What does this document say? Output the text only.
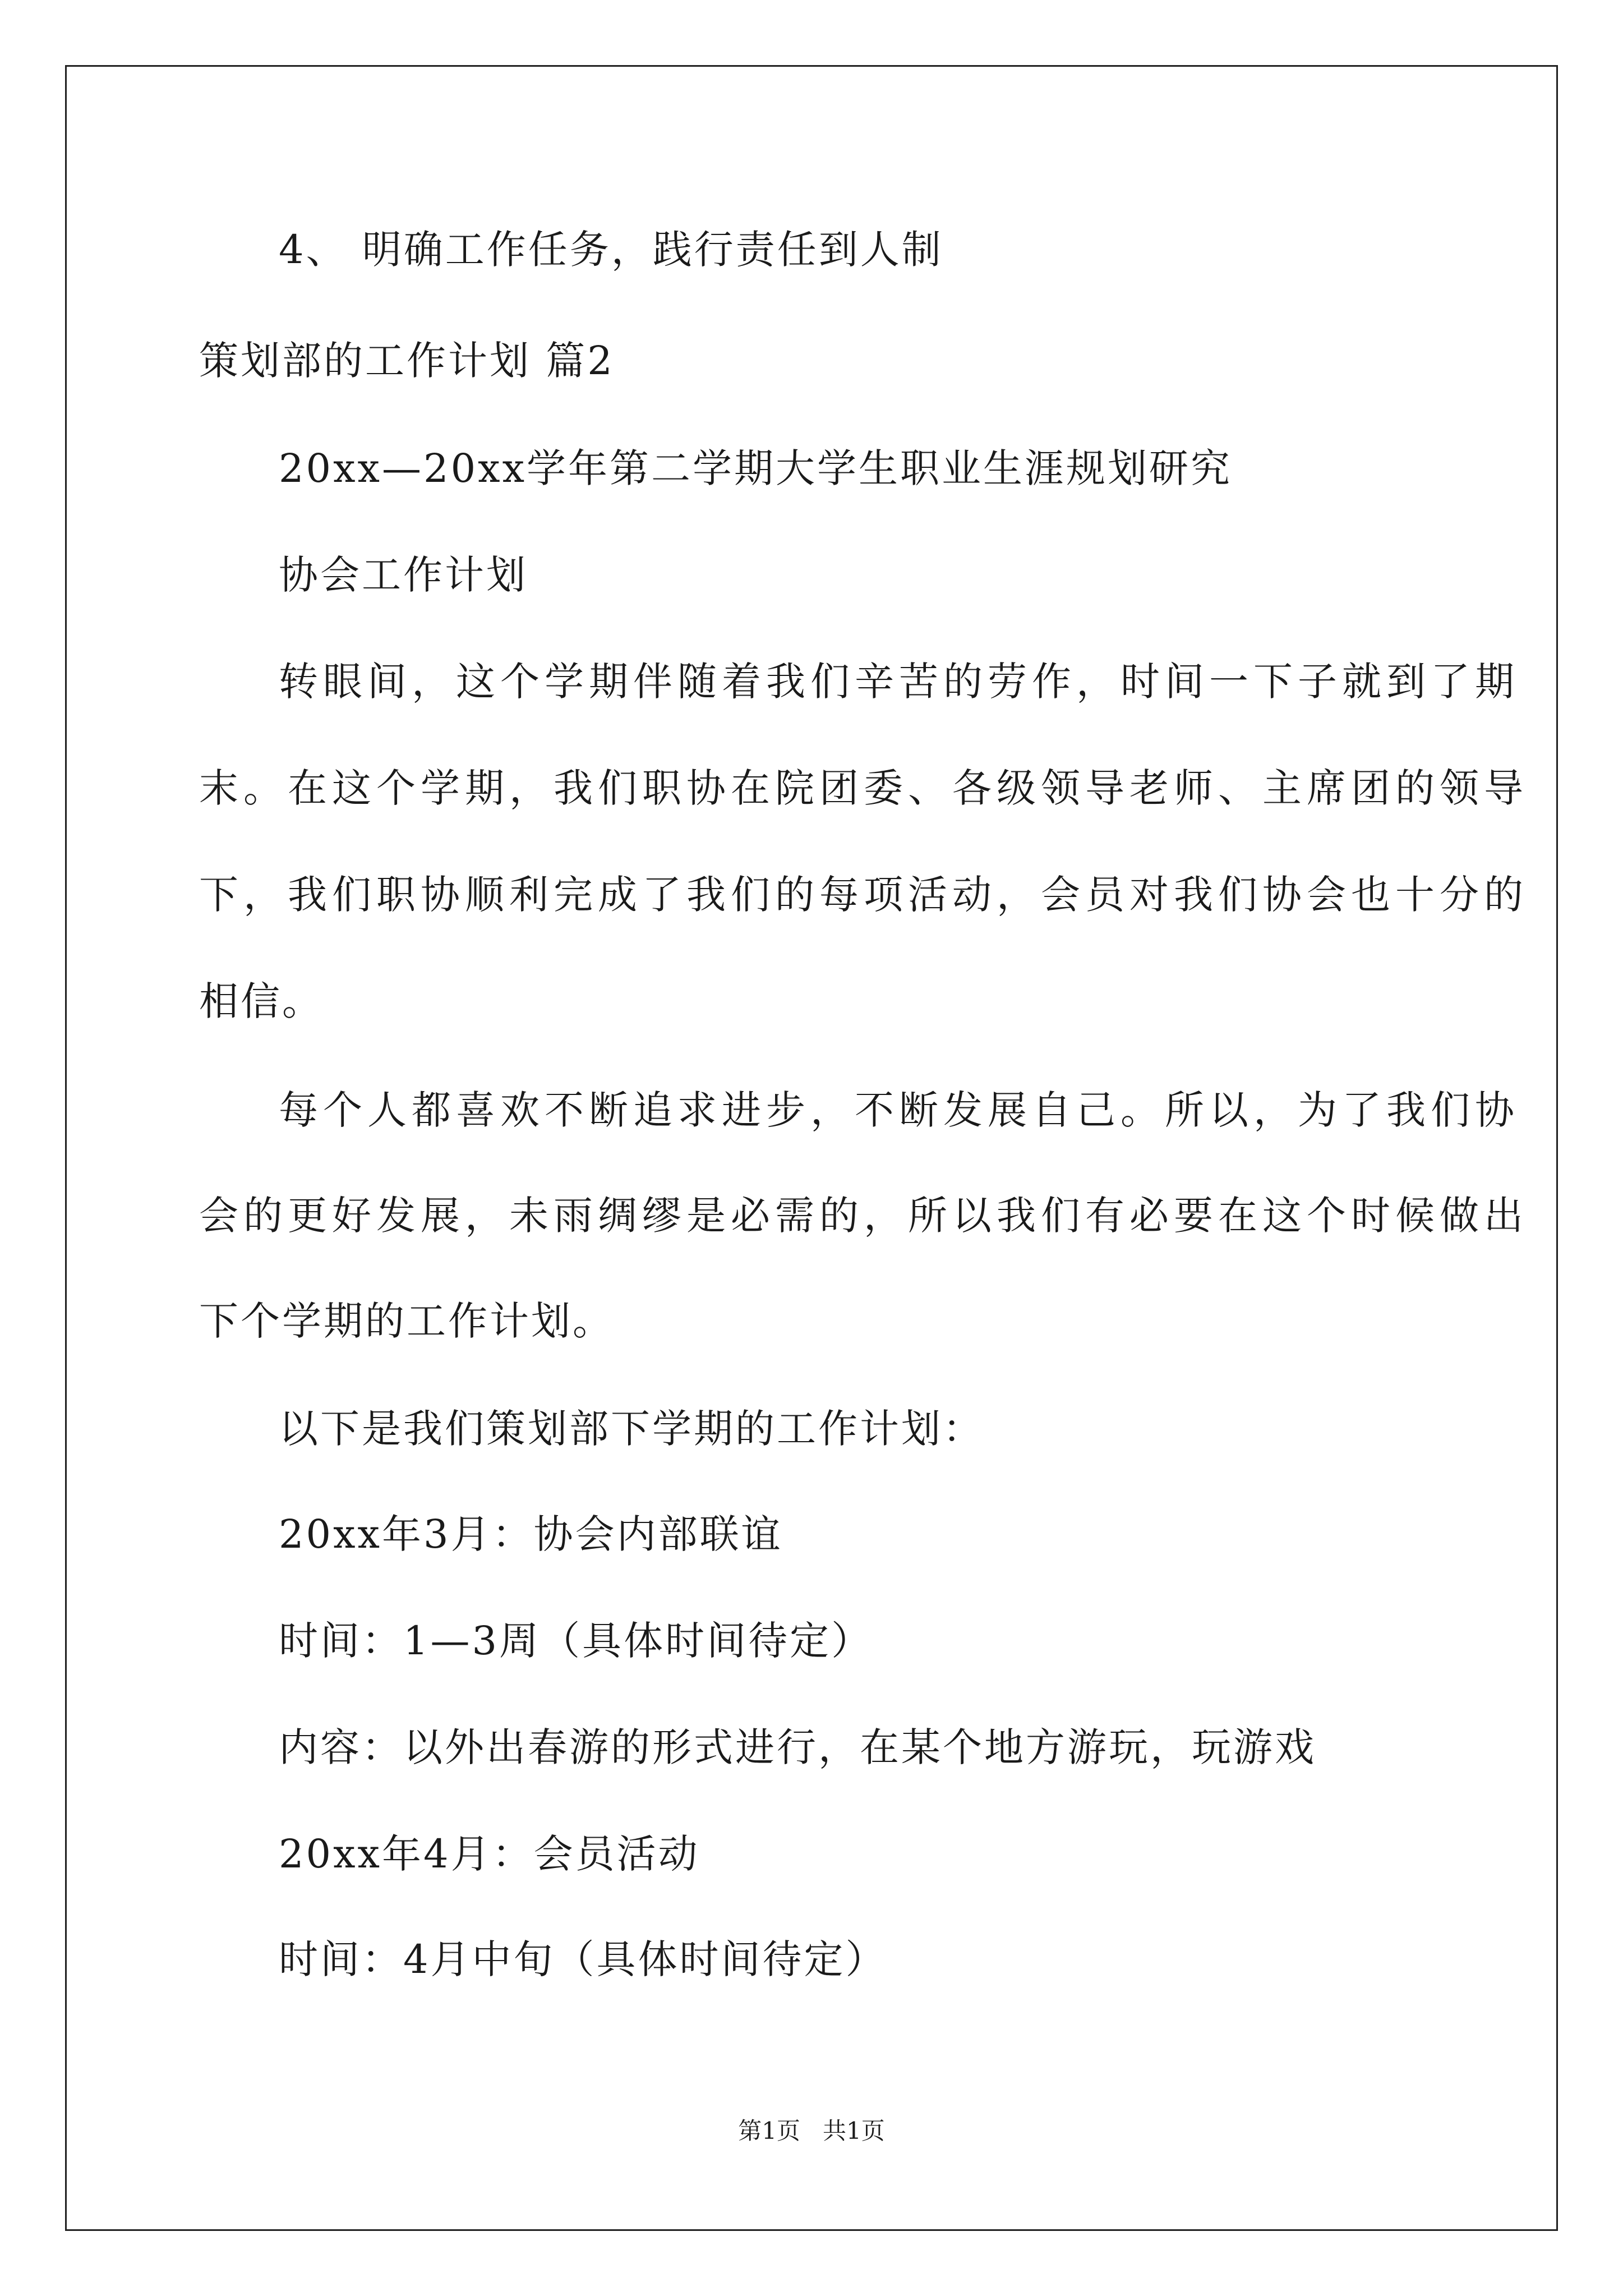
4、 明确工作任务，践行责任到人制
策划部的工作计划 篇2
20xx—20xx学年第二学期大学生职业生涯规划研究
协会工作计划
转眼间，这个学期伴随着我们辛苦的劳作，时间一下子就到了期
末。在这个学期，我们职协在院团委、各级领导老师、主席团的领导
下，我们职协顺利完成了我们的每项活动，会员对我们协会也十分的
相信。
每个人都喜欢不断追求进步，不断发展自己。所以，为了我们协
会的更好发展，未雨绸缪是必需的，所以我们有必要在这个时候做出
下个学期的工作计划。
以下是我们策划部下学期的工作计划：
20xx年3月：协会内部联谊
时间：1—3周（具体时间待定）
内容：以外出春游的形式进行，在某个地方游玩，玩游戏
20xx年4月：会员活动
时间：4月中旬（具体时间待定）
第1页   共1页
